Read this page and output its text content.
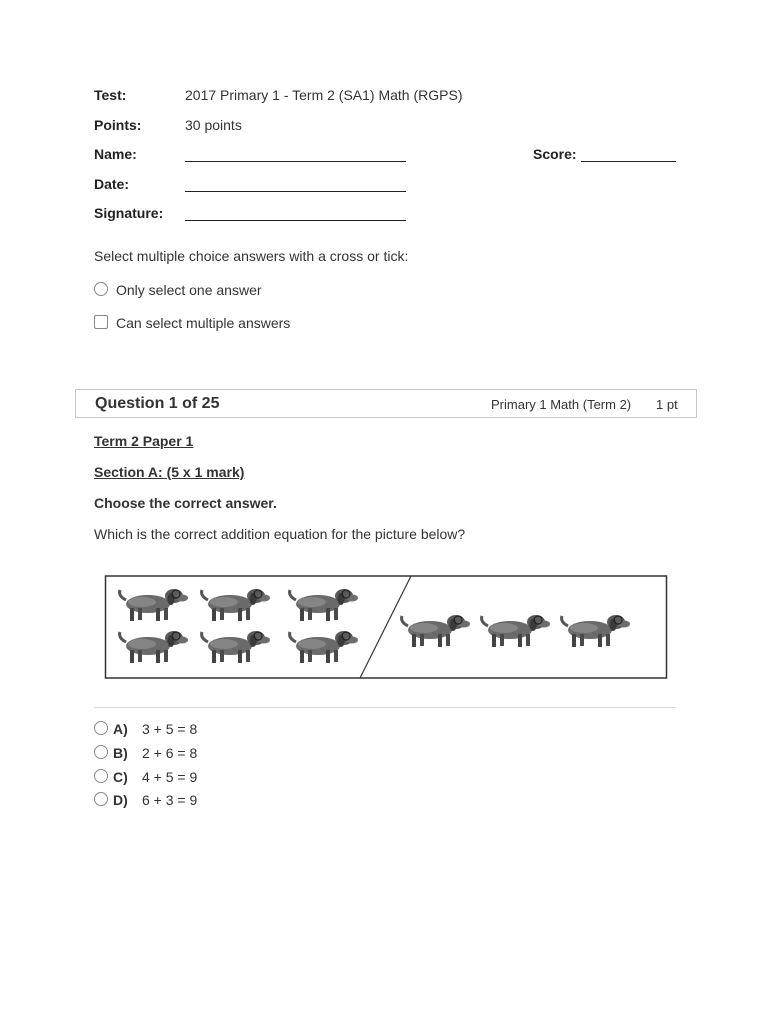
Test:	2017 Primary 1 - Term 2 (SA1) Math (RGPS)
Points:	30 points
Name:	Score:
Date:
Signature:
Select multiple choice answers with a cross or tick:
Only select one answer
Can select multiple answers
Question 1 of 25	Primary 1 Math (Term 2) 1 pt
Term 2 Paper 1
Section A: (5 x 1 mark)
Choose the correct answer.
Which is the correct addition equation for the picture below?
A) 3 + 5 = 8
B) 2 + 6 = 8
C) 4 + 5 = 9
D) 6 + 3 = 9
